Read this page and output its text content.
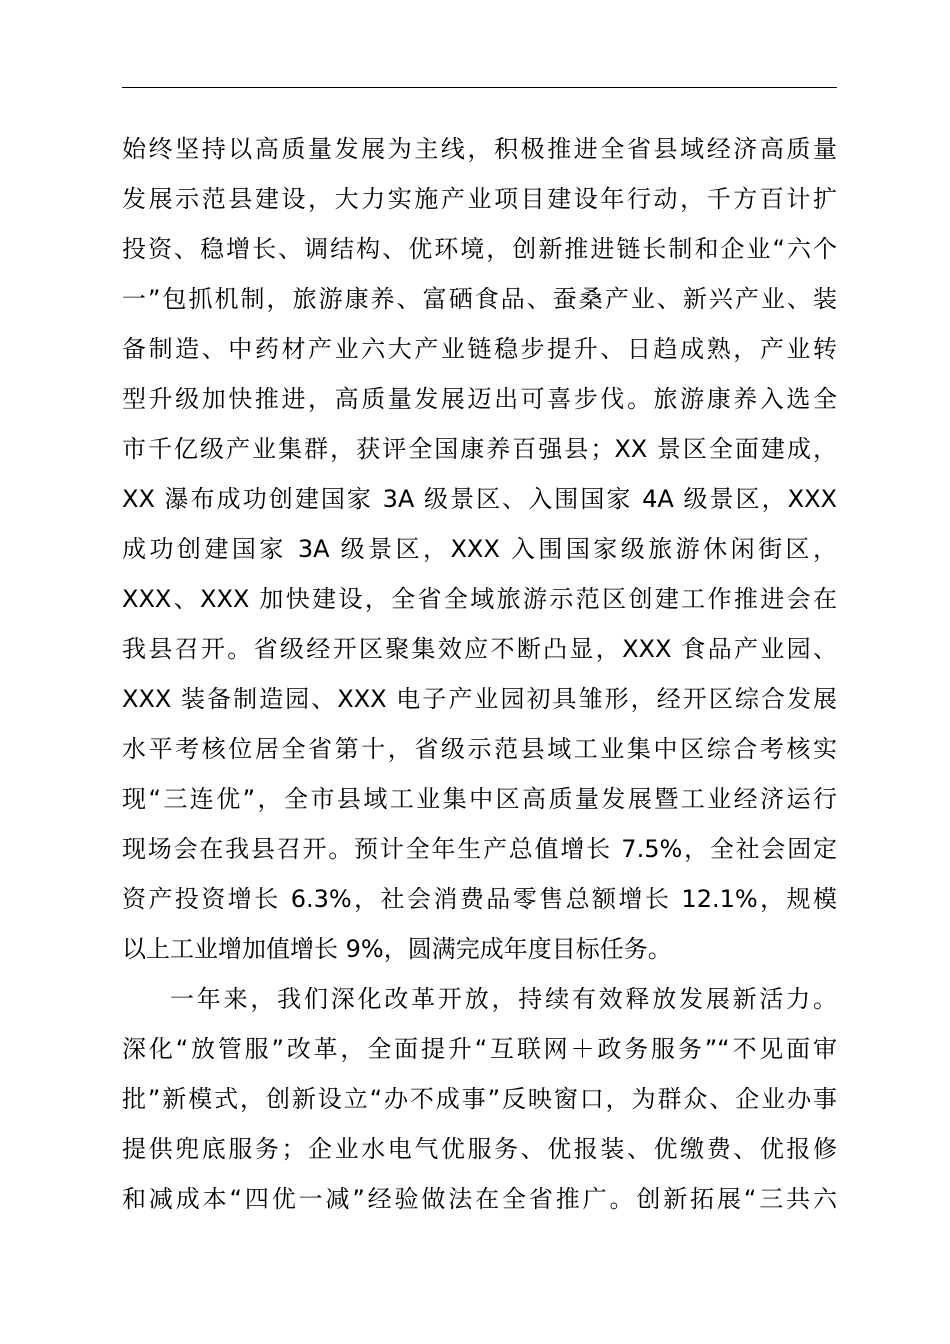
始终坚持以高质量发展为主线，积极推进全省县域经济高质量
发展示范县建设，大力实施产业项目建设年行动，千方百计扩
投资、稳增长、调结构、优环境，创新推进链长制和企业“六个
一”包抓机制，旅游康养、富硒食品、蚕桑产业、新兴产业、装
备制造、中药材产业六大产业链稳步提升、日趋成熟，产业转
型升级加快推进，高质量发展迈出可喜步伐。旅游康养入选全
市千亿级产业集群，获评全国康养百强县；XX 景区全面建成，
XX 瀑布成功创建国家 3A 级景区、入围国家 4A 级景区，XXX
成功创建国家 3A 级景区，XXX 入围国家级旅游休闲街区，
XXX、XXX 加快建设，全省全域旅游示范区创建工作推进会在
我县召开。省级经开区聚集效应不断凸显，XXX 食品产业园、
XXX 装备制造园、XXX 电子产业园初具雏形，经开区综合发展
水平考核位居全省第十，省级示范县域工业集中区综合考核实
现“三连优”，全市县域工业集中区高质量发展暨工业经济运行
现场会在我县召开。预计全年生产总值增长 7.5%，全社会固定
资产投资增长 6.3%，社会消费品零售总额增长 12.1%，规模
以上工业增加值增长 9%，圆满完成年度目标任务。
一年来，我们深化改革开放，持续有效释放发展新活力。
深化“放管服”改革，全面提升“互联网＋政务服务”“不见面审
批”新模式，创新设立“办不成事”反映窗口，为群众、企业办事
提供兜底服务；企业水电气优服务、优报装、优缴费、优报修
和减成本“四优一减”经验做法在全省推广。创新拓展“三共六
